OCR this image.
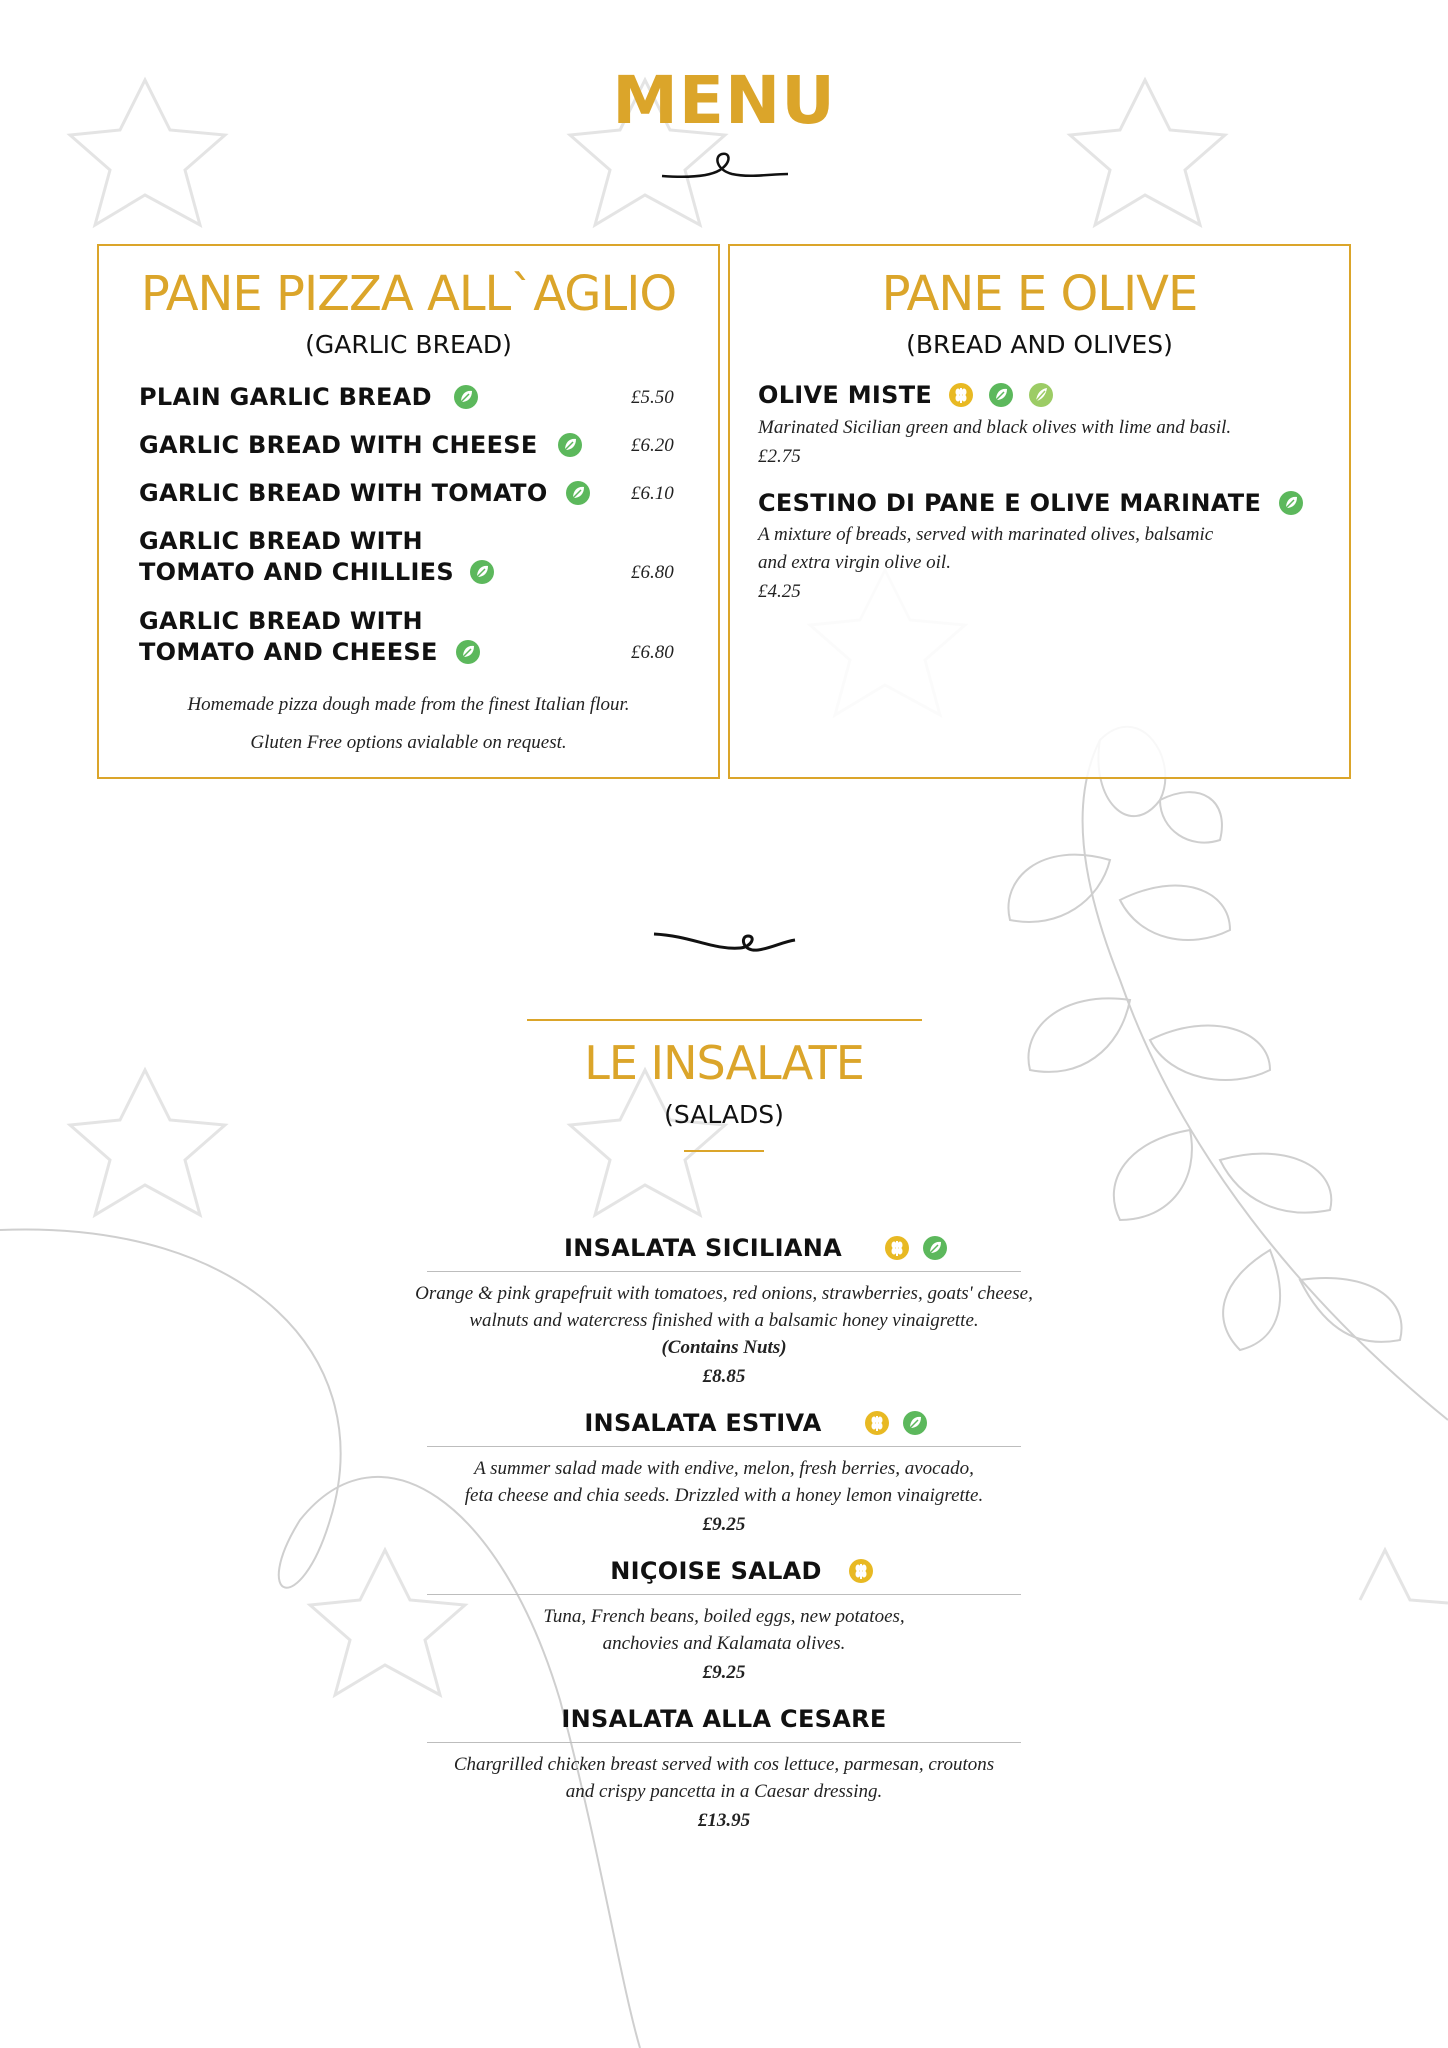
MENU
PANE PIZZA ALL`AGLIO
(GARLIC BREAD)
PLAIN GARLIC BREAD	£5.50
GARLIC BREAD WITH CHEESE	£6.20
GARLIC BREAD WITH TOMATO	£6.10
GARLIC BREAD WITH
TOMATO AND CHILLIES	£6.80
GARLIC BREAD WITH
TOMATO AND CHEESE	£6.80
Homemade pizza dough made from the finest Italian flour.
Gluten Free options avialable on request.
PANE E OLIVE
(BREAD AND OLIVES)
OLIVE MISTE
Marinated Sicilian green and black olives with lime and basil.
£2.75
CESTINO DI PANE E OLIVE MARINATE
A mixture of breads, served with marinated olives, balsamic
and extra virgin olive oil.
£4.25
LE INSALATE
(SALADS)
INSALATA SICILIANA
Orange & pink grapefruit with tomatoes, red onions, strawberries, goats' cheese,
walnuts and watercress finished with a balsamic honey vinaigrette.
(Contains Nuts)
£8.85
INSALATA ESTIVA
A summer salad made with endive, melon, fresh berries, avocado,
feta cheese and chia seeds. Drizzled with a honey lemon vinaigrette.
£9.25
NIÇOISE SALAD
Tuna, French beans, boiled eggs, new potatoes,
anchovies and Kalamata olives.
£9.25
INSALATA ALLA CESARE
Chargrilled chicken breast served with cos lettuce, parmesan, croutons
and crispy pancetta in a Caesar dressing.
£13.95
